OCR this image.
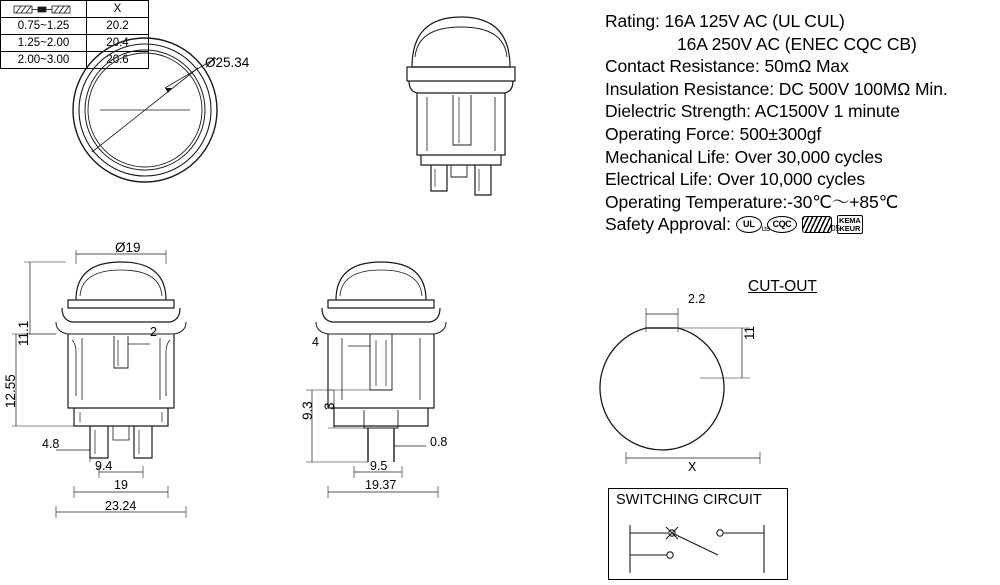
Ø25.34
Rating: 16A 125V AC (UL CUL)
16A 250V AC (ENEC CQC CB)
Contact Resistance: 50mΩ Max
Insulation Resistance: DC 500V 100MΩ Min.
Dielectric Strength: AC1500V 1 minute
Operating Force: 500±300gf
Mechanical Life: Over 30,000 cycles
Electrical Life: Over 10,000 cycles
Operating Temperature:-30℃～+85℃
Safety Approval: UL us CQC	05
KEMA
KEUR
Ø19
11.1
12.55
2
4.8
9.4
19
23.24
4
9.3 3
0.8
9.5
19.37
CUT-OUT
2.2
11
X
	X
0.75~1.25	20.2
1.25~2.00	20.4
2.00~3.00	20.6
SWITCHING CIRCUIT
